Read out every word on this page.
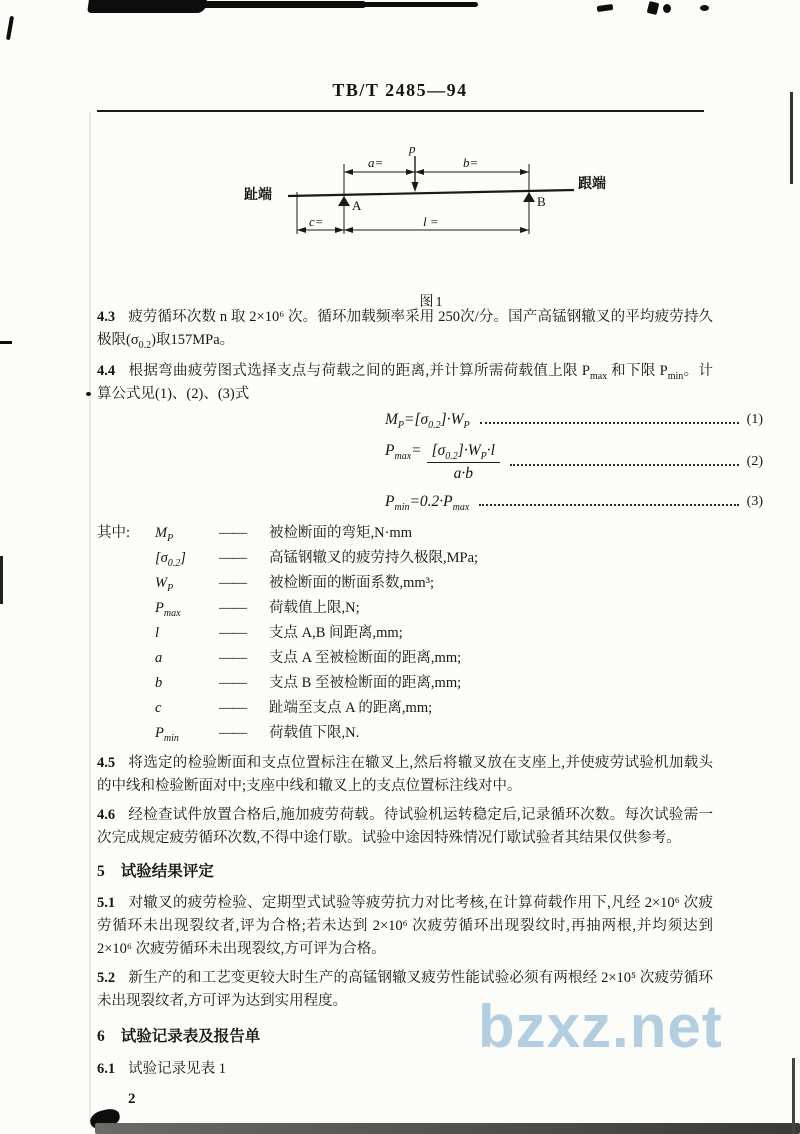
TB/T 2485—94
p
a=	b=
A	B
趾端
跟端
c=	l =
图1

4.3 疲劳循环次数 n 取 2×10⁶ 次。循环加载频率采用 250次/分。国产高锰钢辙叉的平均疲劳持久极限$(\sigma_{0.2})$取157MPa。

4.4 根据弯曲疲劳图式选择支点与荷载之间的距离,并计算所需荷载值上限 $P_{max}$ 和下限 $P_{min}$。计算公式见(1)、(2)、(3)式

$M_P=[\sigma_{0.2}]\cdot W_P$	(1)
$P_{max}= \frac{[\sigma_{0.2}]\cdot W_P\cdot l}{a\cdot b}$	(2)
$P_{min}=0.2\cdot P_{max}$	(3)
其中: $M_P$	——	被检断面的弯矩,N·mm
$[\sigma_{0.2}]$	——	高锰钢辙叉的疲劳持久极限,MPa;
$W_P$	——	被检断面的断面系数,mm³;
$P_{max}$	——	荷载值上限,N;
l	——	支点 A,B 间距离,mm;
a	——	支点 A 至被检断面的距离,mm;
b	——	支点 B 至被检断面的距离,mm;
c	——	趾端至支点 A 的距离,mm;
$P_{min}$	——	荷载值下限,N.

4.5 将选定的检验断面和支点位置标注在辙叉上,然后将辙叉放在支座上,并使疲劳试验机加载头的中线和检验断面对中;支座中线和辙叉上的支点位置标注线对中。

4.6 经检查试件放置合格后,施加疲劳荷载。待试验机运转稳定后,记录循环次数。每次试验需一次完成规定疲劳循环次数,不得中途仃歇。试验中途因特殊情况仃歇试验者其结果仅供参考。

5 试验结果评定

5.1 对辙叉的疲劳检验、定期型式试验等疲劳抗力对比考核,在计算荷载作用下,凡经 2×10⁶ 次疲劳循环未出现裂纹者,评为合格;若未达到 2×10⁶ 次疲劳循环出现裂纹时,再抽两根,并均须达到 2×10⁶ 次疲劳循环未出现裂纹,方可评为合格。

5.2 新生产的和工艺变更较大时生产的高锰钢辙叉疲劳性能试验必须有两根经 2×10⁵ 次疲劳循环未出现裂纹者,方可评为达到实用程度。

6 试验记录表及报告单

6.1 试验记录见表 1

2
bzxz.net
